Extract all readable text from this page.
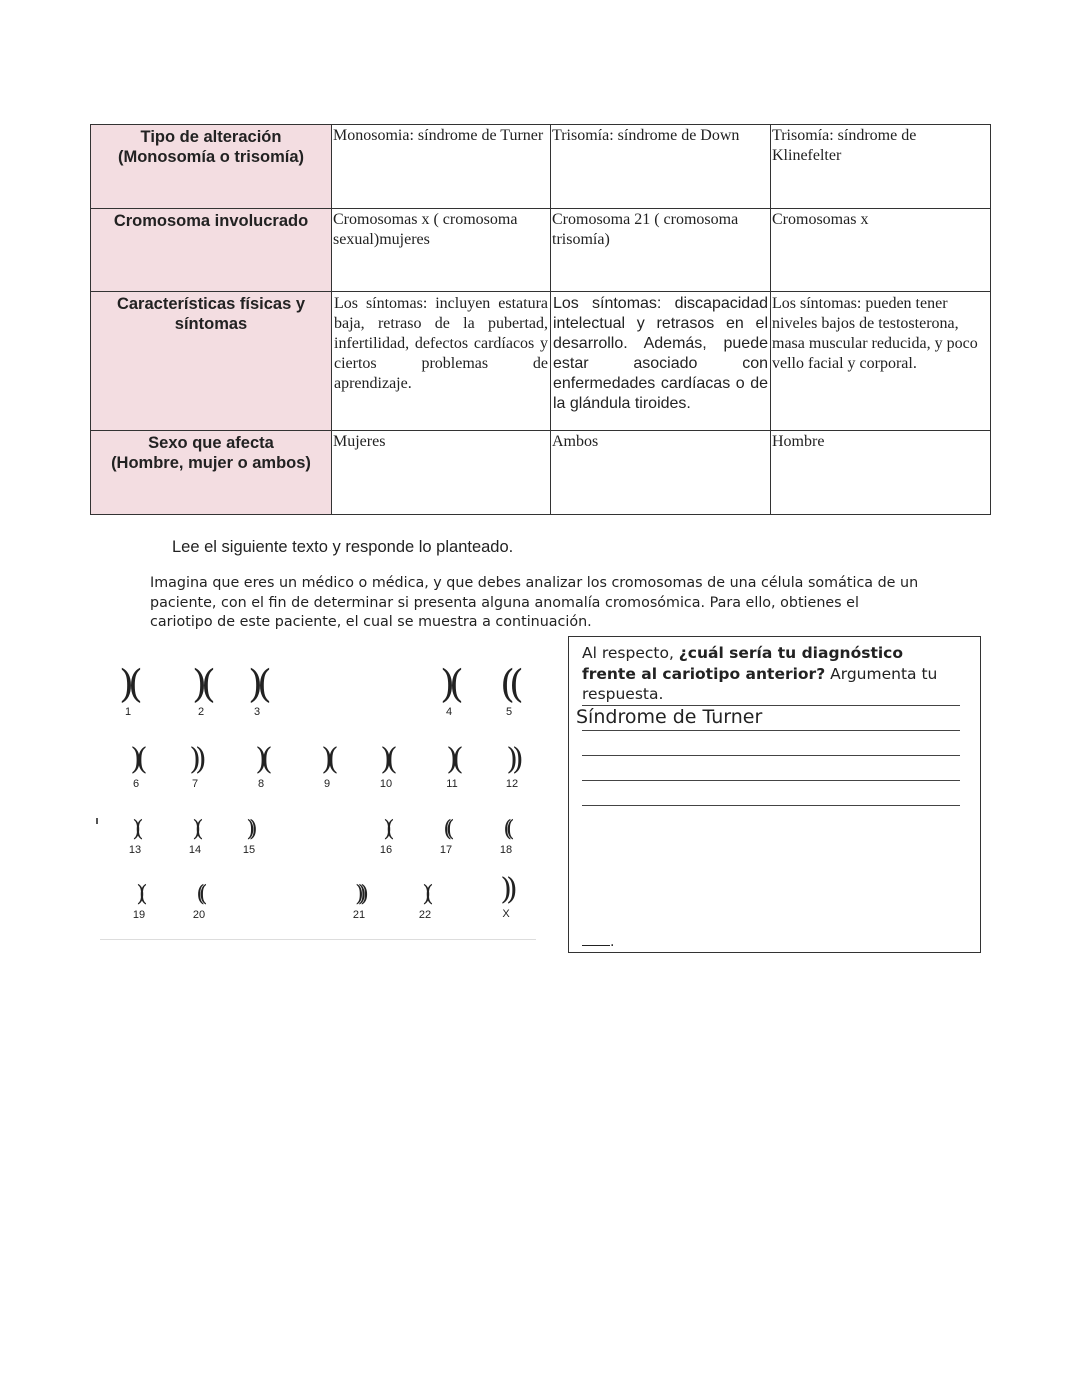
Tipo de alteración
(Monosomía o trisomía)	Monosomia: síndrome de Turner	Trisomía: síndrome de Down	Trisomía: síndrome de Klinefelter

Cromosoma involucrado	Cromosomas x ( cromosoma sexual)mujeres	Cromosoma 21 ( cromosoma trisomía)	Cromosomas x

Características físicas y
síntomas	Los síntomas: incluyen estatura baja, retraso de la pubertad, infertilidad, defectos cardíacos y ciertos problemas de aprendizaje.	Los síntomas: discapacidad intelectual y retrasos en el desarrollo. Además, puede estar asociado con enfermedades cardíacas o de la glándula tiroides.	Los síntomas: pueden tener niveles bajos de testosterona, masa muscular reducida, y poco vello facial y corporal.

Sexo que afecta
(Hombre, mujer o ambos)	Mujeres	Ambos	Hombre
Lee el siguiente texto y responde lo planteado.
Imagina que eres un médico o médica, y que debes analizar los cromosomas de una célula somática de un paciente, con el fin de determinar si presenta alguna anomalía cromosómica. Para ello, obtienes el cariotipo de este paciente, el cual se muestra a continuación.
)(
1
)(
2
)(
3
)(
4
((
5
)(
6
))
7
)(
8
)(
9
)(
10
)(
11
))
12
)(
13
)(
14
))
15
)(
16
((
17
((
18
)(
19
((
20
)))
21
)(
22
))
X
Al respecto, ¿cuál sería tu diagnóstico frente al cariotipo anterior? Argumenta tu respuesta.
Síndrome de Turner
.
